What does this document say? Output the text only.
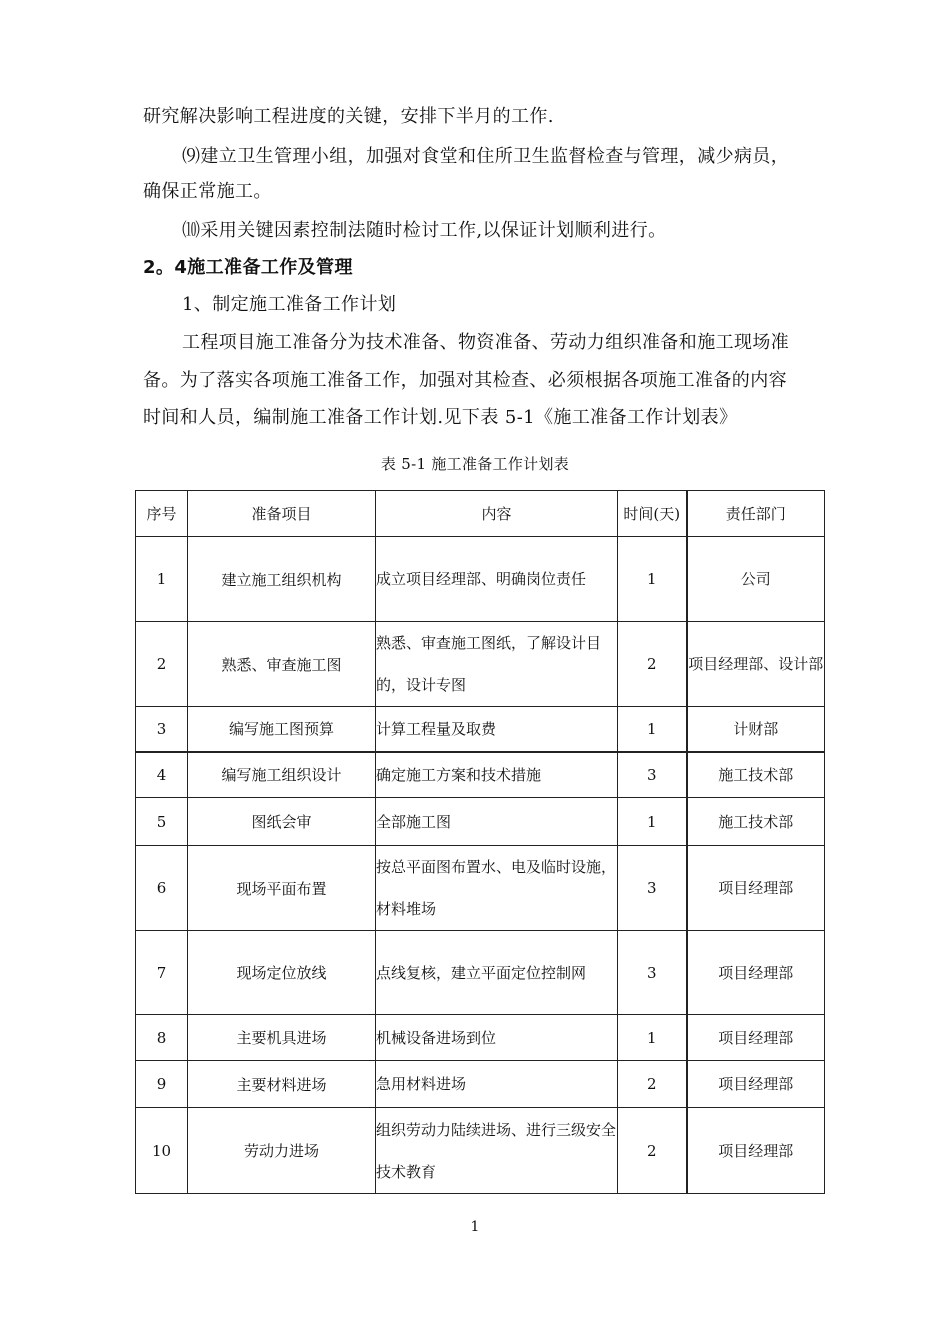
研究解决影响工程进度的关键，安排下半月的工作.
⑼建立卫生管理小组，加强对食堂和住所卫生监督检查与管理，减少病员，
确保正常施工。
⑽采用关键因素控制法随时检讨工作,以保证计划顺利进行。
2。4施工准备工作及管理
1、制定施工准备工作计划
工程项目施工准备分为技术准备、物资准备、劳动力组织准备和施工现场准
备。为了落实各项施工准备工作，加强对其检查、必须根据各项施工准备的内容
时间和人员，编制施工准备工作计划.见下表 5-1《施工准备工作计划表》
表 5-1 施工准备工作计划表
序号	准备项目	内容	时间(天)	责任部门
1	建立施工组织机构	成立项目经理部、明确岗位责任	1	公司
2	熟悉、审查施工图	熟悉、审查施工图纸，了解设计目的，设计专图	2	项目经理部、设计部
3	编写施工图预算	计算工程量及取费	1	计财部
4	编写施工组织设计	确定施工方案和技术措施	3	施工技术部
5	图纸会审	全部施工图	1	施工技术部
6	现场平面布置	按总平面图布置水、电及临时设施，材料堆场	3	项目经理部
7	现场定位放线	点线复核，建立平面定位控制网	3	项目经理部
8	主要机具进场	机械设备进场到位	1	项目经理部
9	主要材料进场	急用材料进场	2	项目经理部
10	劳动力进场	组织劳动力陆续进场、进行三级安全技术教育	2	项目经理部
1
